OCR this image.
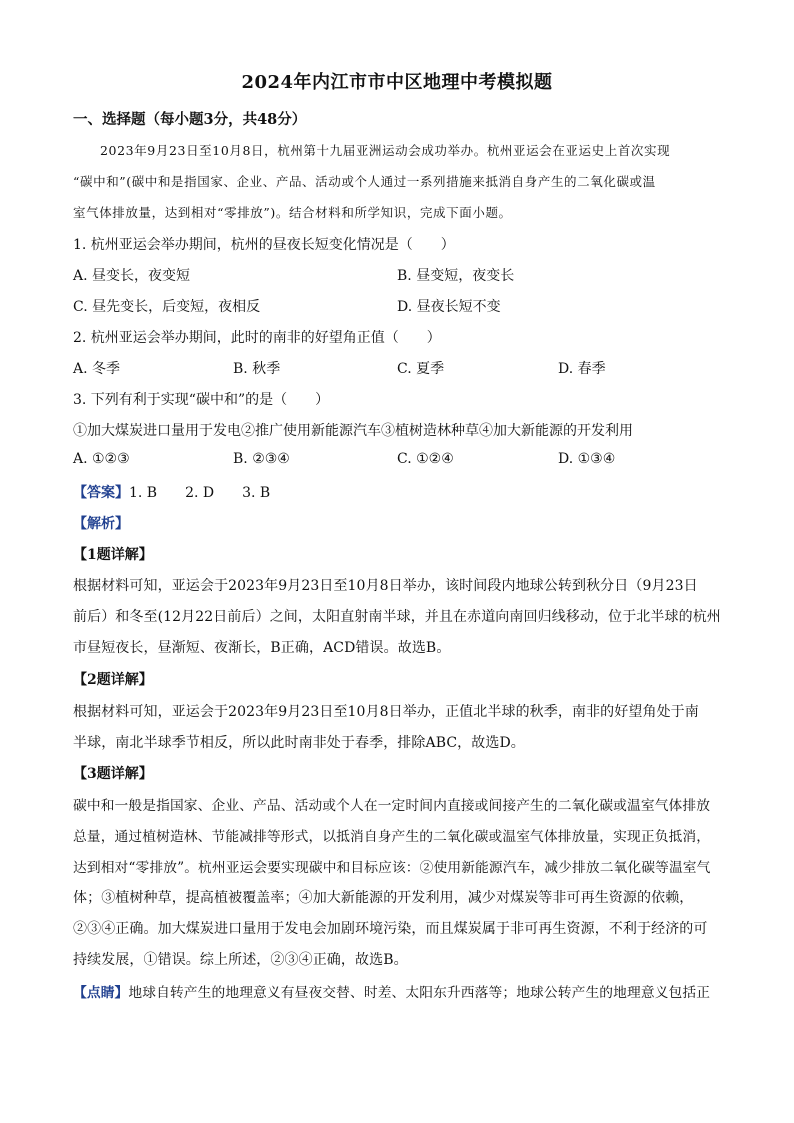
2024年内江市市中区地理中考模拟题
一、选择题（每小题3分，共48分）
2023年9月23日至10月8日，杭州第十九届亚洲运动会成功举办。杭州亚运会在亚运史上首次实现
“碳中和”(碳中和是指国家、企业、产品、活动或个人通过一系列措施来抵消自身产生的二氧化碳或温
室气体排放量，达到相对“零排放”)。结合材料和所学知识，完成下面小题。
1. 杭州亚运会举办期间，杭州的昼夜长短变化情况是（　　）
A. 昼变长，夜变短	B. 昼变短，夜变长
C. 昼先变长，后变短，夜相反	D. 昼夜长短不变
2. 杭州亚运会举办期间，此时的南非的好望角正值（　　）
A. 冬季	B. 秋季	C. 夏季	D. 春季
3. 下列有利于实现“碳中和”的是（　　）
①加大煤炭进口量用于发电②推广使用新能源汽车③植树造林种草④加大新能源的开发利用
A. ①②③	B. ②③④	C. ①②④	D. ①③④
【答案】1. B　　2. D　　3. B
【解析】
【1题详解】
根据材料可知，亚运会于2023年9月23日至10月8日举办，该时间段内地球公转到秋分日（9月23日
前后）和冬至(12月22日前后）之间，太阳直射南半球，并且在赤道向南回归线移动，位于北半球的杭州
市昼短夜长，昼渐短、夜渐长，B正确，ACD错误。故选B。
【2题详解】
根据材料可知，亚运会于2023年9月23日至10月8日举办，正值北半球的秋季，南非的好望角处于南
半球，南北半球季节相反，所以此时南非处于春季，排除ABC，故选D。
【3题详解】
碳中和一般是指国家、企业、产品、活动或个人在一定时间内直接或间接产生的二氧化碳或温室气体排放
总量，通过植树造林、节能减排等形式，以抵消自身产生的二氧化碳或温室气体排放量，实现正负抵消，
达到相对“零排放”。杭州亚运会要实现碳中和目标应该：②使用新能源汽车，减少排放二氧化碳等温室气
体；③植树种草，提高植被覆盖率；④加大新能源的开发利用，减少对煤炭等非可再生资源的依赖，
②③④正确。加大煤炭进口量用于发电会加剧环境污染，而且煤炭属于非可再生资源，不利于经济的可
持续发展，①错误。综上所述，②③④正确，故选B。
【点睛】地球自转产生的地理意义有昼夜交替、时差、太阳东升西落等；地球公转产生的地理意义包括正
